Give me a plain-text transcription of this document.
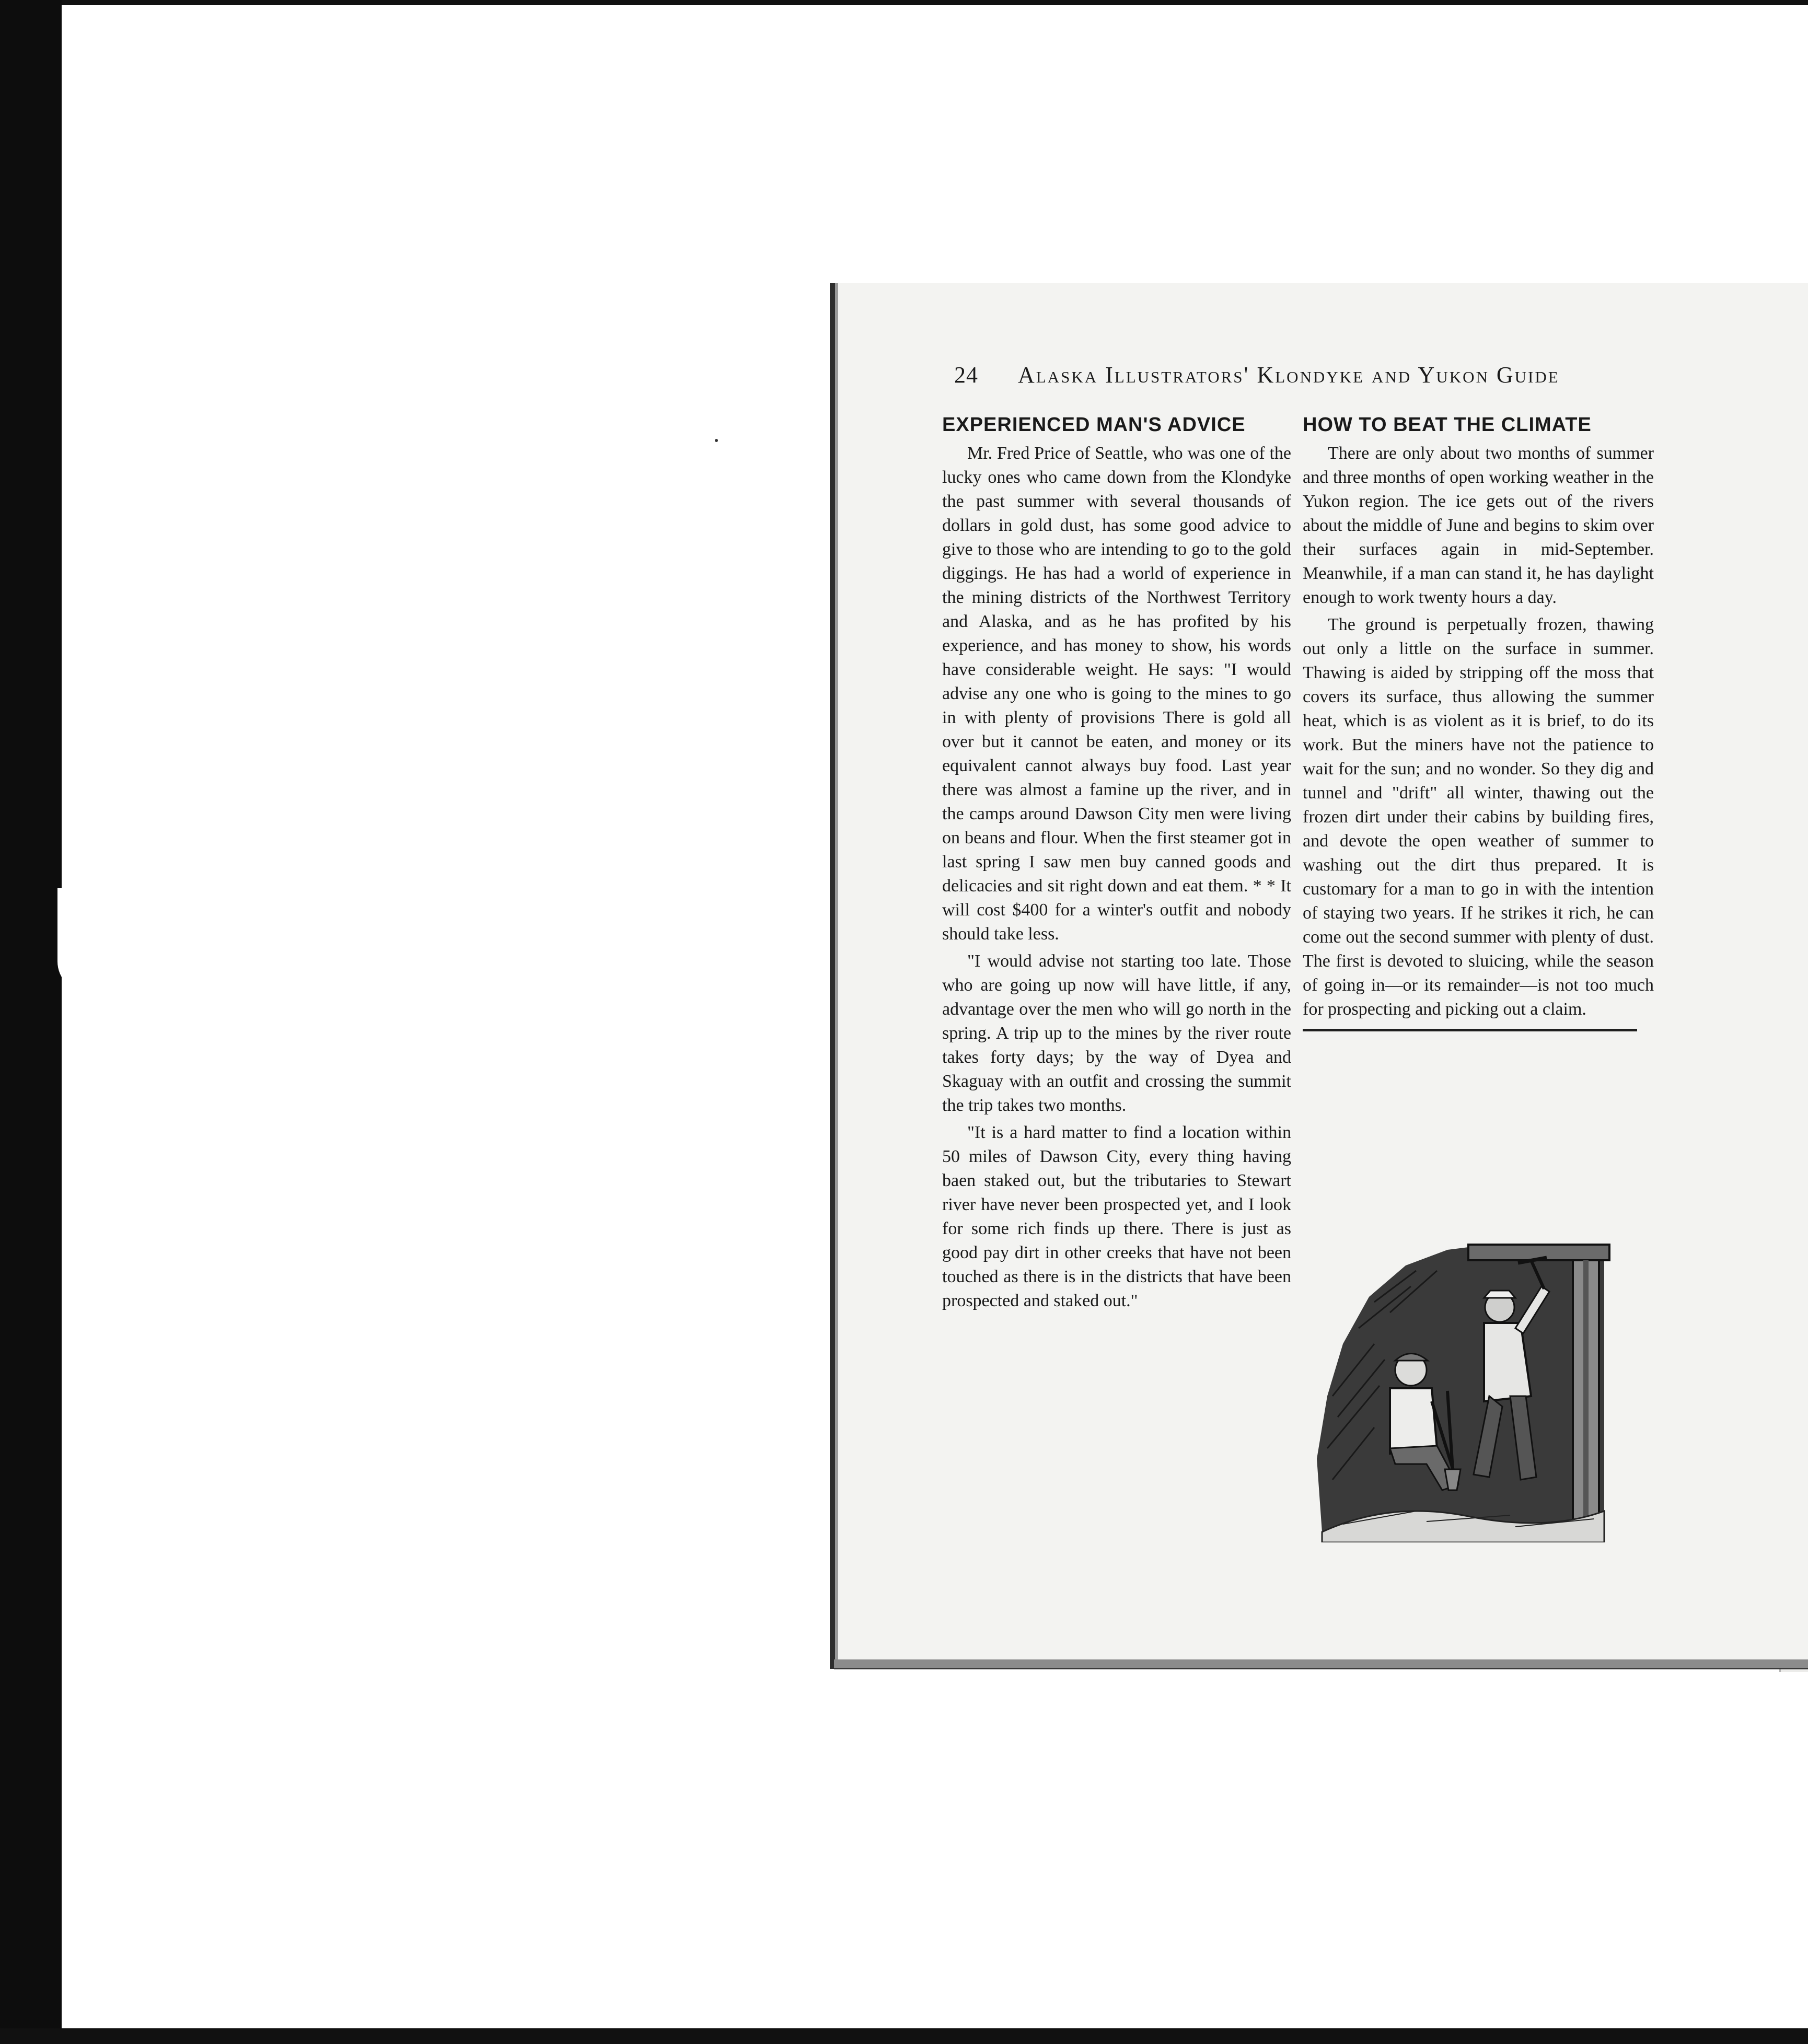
24	Alaska Illustrators' Klondyke and Yukon Guide
EXPERIENCED MAN'S ADVICE

Mr. Fred Price of Seattle, who was one of the lucky ones who came down from the Klondyke the past summer with several thousands of dollars in gold dust, has some good advice to give to those who are intending to go to the gold diggings. He has had a world of experience in the mining districts of the Northwest Territory and Alaska, and as he has profited by his experience, and has money to show, his words have considerable weight. He says: "I would advise any one who is going to the mines to go in with plenty of provisions There is gold all over but it cannot be eaten, and money or its equivalent cannot always buy food. Last year there was almost a famine up the river, and in the camps around Dawson City men were living on beans and flour. When the first steamer got in last spring I saw men buy canned goods and delicacies and sit right down and eat them. * * It will cost $400 for a winter's outfit and nobody should take less.

"I would advise not starting too late. Those who are going up now will have little, if any, advantage over the men who will go north in the spring. A trip up to the mines by the river route takes forty days; by the way of Dyea and Skaguay with an outfit and crossing the summit the trip takes two months.

"It is a hard matter to find a location within 50 miles of Dawson City, every thing having baen staked out, but the tributaries to Stewart river have never been prospected yet, and I look for some rich finds up there. There is just as good pay dirt in other creeks that have not been touched as there is in the districts that have been prospected and staked out."

HOW TO BEAT THE CLIMATE

There are only about two months of summer and three months of open working weather in the Yukon region. The ice gets out of the rivers about the middle of June and begins to skim over their surfaces again in mid-September. Meanwhile, if a man can stand it, he has daylight enough to work twenty hours a day.

The ground is perpetually frozen, thawing out only a little on the surface in summer. Thawing is aided by stripping off the moss that covers its surface, thus allowing the summer heat, which is as violent as it is brief, to do its work. But the miners have not the patience to wait for the sun; and no wonder. So they dig and tunnel and "drift" all winter, thawing out the frozen dirt under their cabins by building fires, and devote the open weather of summer to washing out the dirt thus prepared. It is customary for a man to go in with the intention of staying two years. If he strikes it rich, he can come out the second summer with plenty of dust. The first is devoted to sluicing, while the season of going in—or its remainder—is not too much for prospecting and picking out a claim.
